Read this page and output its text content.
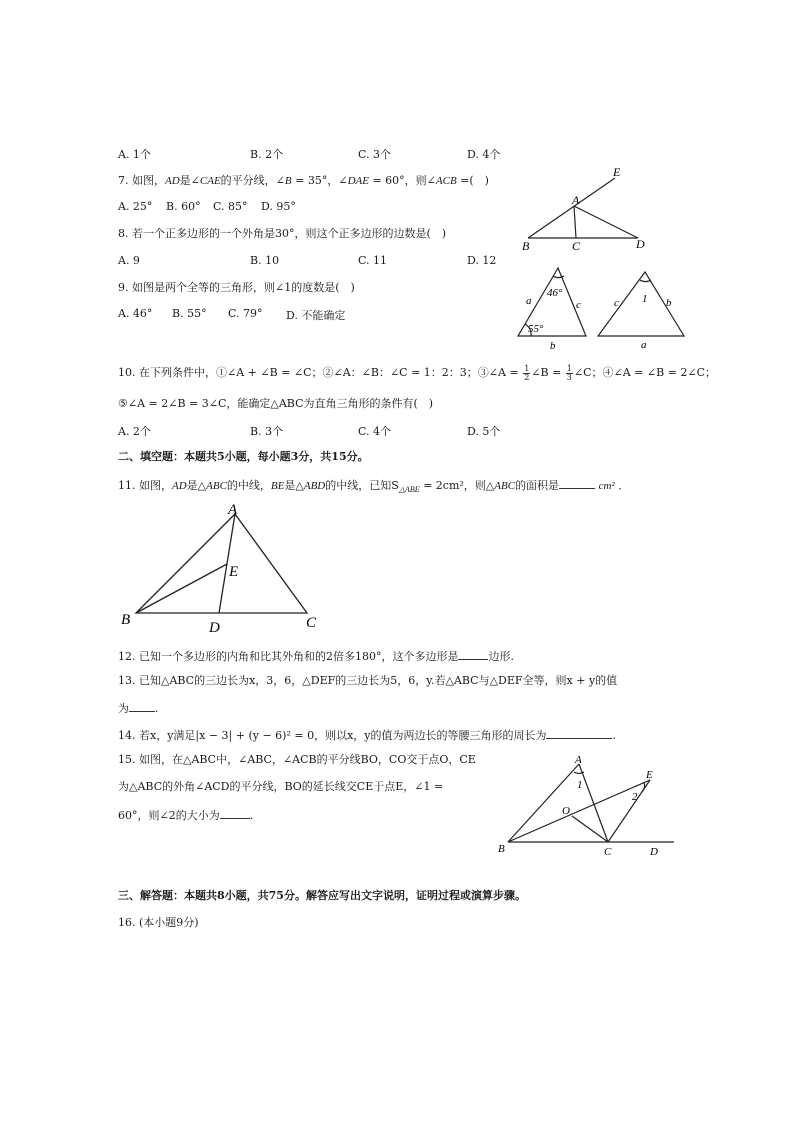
A. 1个	B. 2个	C. 3个	D. 4个
7. 如图，AD是∠CAE的平分线，∠B = 35°，∠DAE = 60°，则∠ACB =(　)
A. 25° B. 60° C. 85° D. 95°	A
B	C	D
E
8. 若一个正多边形的一个外角是30°，则这个正多边形的边数是(　)
A. 9	B. 10	C. 11	D. 12
9. 如图是两个全等的三角形，则∠1的度数是(　)
A. 46° B. 55° C. 79° D. 不能确定
46°
55°
a	c
b
1
c	b
a
10. 在下列条件中，①∠A + ∠B = ∠C；②∠A：∠B：∠C = 1：2：3；③∠A = $\frac{1}{2}$ ∠B = $\frac{1}{3}$ ∠C；④∠A = ∠B = 2∠C；
⑤∠A = 2∠B = 3∠C，能确定△ABC为直角三角形的条件有(　)
A. 2个	B. 3个	C. 4个	D. 5个
二、填空题：本题共5小题，每小题3分，共15分。
11. 如图，AD是△ABC的中线，BE是△ABD的中线，已知$S_{\triangle ABE} = 2cm^2$，则△ABC的面积是	cm² ．
A
B	C
D
E
12. 已知一个多边形的内角和比其外角和的2倍多180°，这个多边形是	边形.
13. 已知△ABC的三边长为x，3，6，△DEF的三边长为5，6，y.若△ABC与△DEF全等，则x + y的值
为 .
14. 若x，y满足|x − 3| + (y − 6)² = 0，则以x，y的值为两边长的等腰三角形的周长为	.
15. 如图，在△ABC中，∠ABC，∠ACB的平分线BO，CO交于点O，CE
为△ABC的外角∠ACD的平分线，BO的延长线交CE于点E，∠1 =
60°，则∠2的大小为	.
A
B	C	D
E
O
1
2
三、解答题：本题共8小题，共75分。解答应写出文字说明，证明过程或演算步骤。
16. (本小题9分)
